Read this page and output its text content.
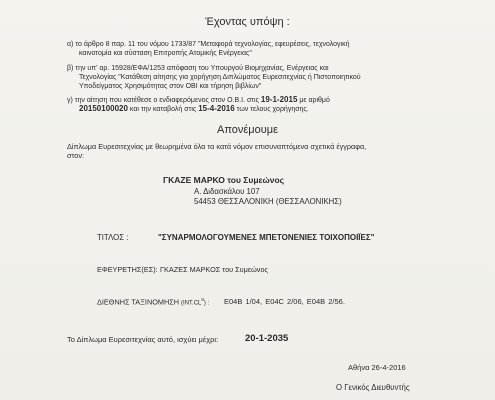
Έχοντας υπόψη :
α) το άρθρο 8 παρ. 11 του νόμου 1733/87 "Μεταφορά τεχνολογίας, εφευρέσεις, τεχνολογική
καινοτομία και σύσταση Επιτροπής Ατομικής Ενέργειας"
β) την υπ' αρ. 15928/ΕΦΑ/1253 απόφαση του Υπουργού Βιομηχανίας, Ενέργειας και
Τεχνολογίας "Κατάθεση αίτησης για χορήγηση Διπλώματος Ευρεσιτεχνίας ή Πιστοποιητικού
Υποδείγματος Χρησιμότητας στον ΟΒΙ και τήρηση βιβλίων"
γ) την αίτηση που κατέθεσε ο ενδιαφερόμενος στον Ο.Β.Ι. στις 19-1-2015 με αριθμό
20150100020 και την καταβολή στις 15-4-2016 των τελους χορήγησης.
Απονέμουμε
Δίπλωμα Ευρεσιτεχνίας με θεωρημένα όλα τα κατά νόμον επισυναπτόμενα σχετικά έγγραφα,
στον:
ΓΚΑΖΕ ΜΑΡΚΟ του Συμεώνος
Α. Διδασκάλου 107
54453 ΘΕΣΣΑΛΟΝΙΚΗ (ΘΕΣΣΑΛΟΝΙΚΗΣ)
ΤΙΤΛΟΣ :	"ΣΥΝΑΡΜΟΛΟΓΟΥΜΕΝΕΣ ΜΠΕΤΟΝΕΝΙΕΣ ΤΟΙΧΟΠΟΙΪΕΣ"
ΕΦΕΥΡΕΤΗΣ(ΕΣ): ΓΚΑΖΕΣ ΜΑΡΚΟΣ του Συμεώνος
ΔΙΕΘΝΗΣ ΤΑΞΙΝΟΜΗΣΗ $(INT.CL^8)$ : E04B 1/04, E04C 2/06, E04B 2/56.
Το Δίπλωμα Ευρεσιτεχνίας αυτό, ισχύει μέχρι:	20-1-2035
Αθήνα 26-4-2016
Ο Γενικός Διευθυντής
